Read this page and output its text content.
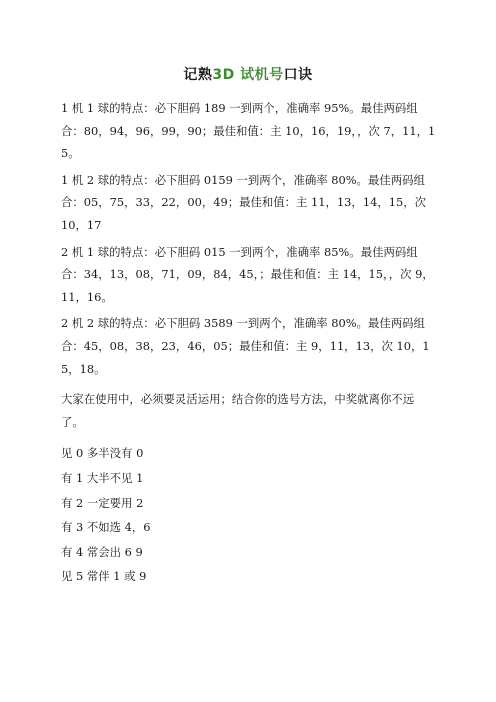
记熟3D 试机号口诀

1 机 1 球的特点：必下胆码 189 一到两个，准确率 95%。最佳两码组合：80，94，96，99，90；最佳和值：主 10，16，19，，次 7，11，15。

1 机 2 球的特点：必下胆码 0159 一到两个，准确率 80%。最佳两码组合：05，75，33，22，00，49；最佳和值：主 11，13，14，15，次 10，17

2 机 1 球的特点：必下胆码 015 一到两个，准确率 85%。最佳两码组合：34，13，08，71，09，84，45，；最佳和值：主 14，15，，次 9，11，16。

2 机 2 球的特点：必下胆码 3589 一到两个，准确率 80%。最佳两码组合：45，08，38，23，46，05；最佳和值：主 9，11，13，次 10，15，18。

大家在使用中，必须要灵活运用；结合你的选号方法，中奖就离你不远了。

见 0 多半没有 0

有 1 大半不见 1

有 2 一定要用 2

有 3 不如选 4，6

有 4 常会出 6 9

见 5 常伴 1 或 9
